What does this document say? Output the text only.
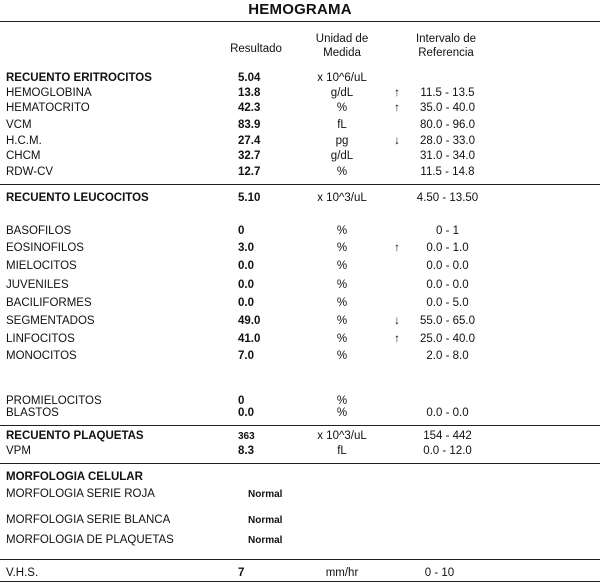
HEMOGRAMA
Resultado
Unidad de
Medida
Intervalo de
Referencia
RECUENTO ERITROCITOS	5.04	x 10^6/uL
HEMOGLOBINA	13.8	g/dL	↑	11.5 - 13.5
HEMATOCRITO	42.3	%	↑	35.0 - 40.0
VCM	83.9	fL	80.0 - 96.0
H.C.M.	27.4	pg	↓	28.0 - 33.0
CHCM	32.7	g/dL	31.0 - 34.0
RDW-CV	12.7	%	11.5 - 14.8
RECUENTO LEUCOCITOS	5.10	x 10^3/uL	4.50 - 13.50
BASOFILOS	0	%	0 - 1
EOSINOFILOS	3.0	%	↑	0.0 - 1.0
MIELOCITOS	0.0	%	0.0 - 0.0
JUVENILES	0.0	%	0.0 - 0.0
BACILIFORMES	0.0	%	0.0 - 5.0
SEGMENTADOS	49.0	%	↓	55.0 - 65.0
LINFOCITOS	41.0	%	↑	25.0 - 40.0
MONOCITOS	7.0	%	2.0 - 8.0
PROMIELOCITOS	0	%
BLASTOS	0.0	%	0.0 - 0.0
RECUENTO PLAQUETAS	363	x 10^3/uL	154 - 442
VPM	8.3	fL	0.0 - 12.0
MORFOLOGIA CELULAR
MORFOLOGIA SERIE ROJA	Normal
MORFOLOGIA SERIE BLANCA	Normal
MORFOLOGIA DE PLAQUETAS	Normal
V.H.S.	7	mm/hr	0 - 10
